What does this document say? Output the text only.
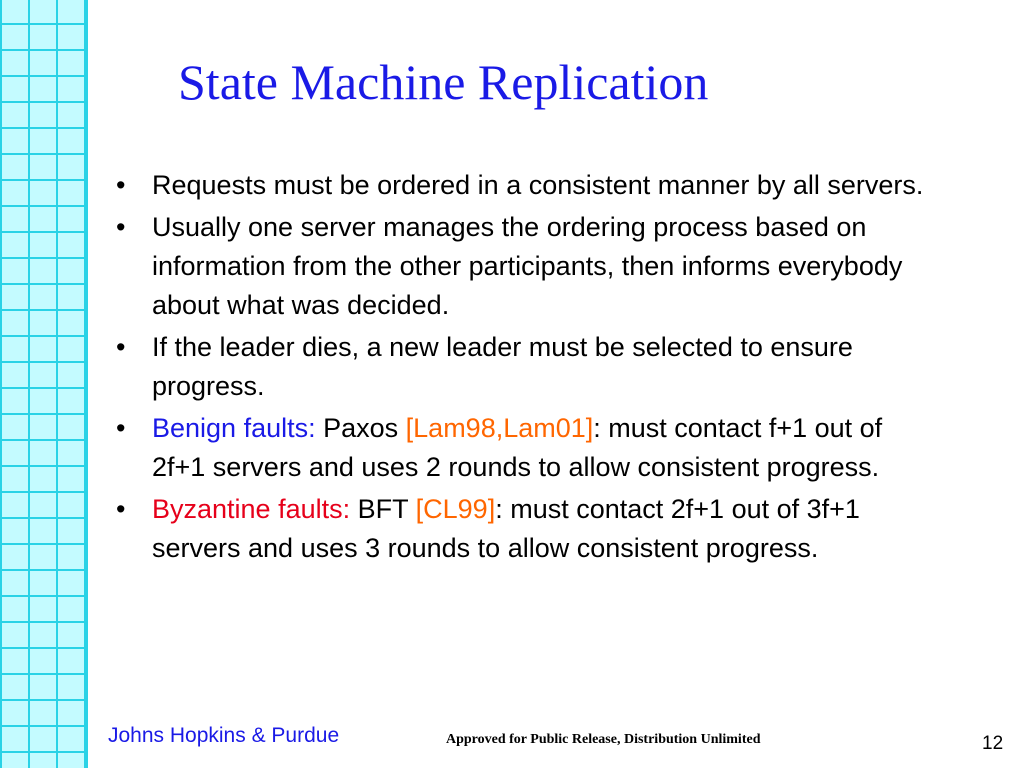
State Machine Replication
• Requests must be ordered in a consistent manner by all servers.
• Usually one server manages the ordering process based on information from the other participants, then informs everybody about what was decided.
• If the leader dies, a new leader must be selected to ensure progress.
• Benign faults: Paxos [Lam98,Lam01]: must contact f+1 out of 2f+1 servers and uses 2 rounds to allow consistent progress.
• Byzantine faults: BFT [CL99]: must contact 2f+1 out of 3f+1 servers and uses 3 rounds to allow consistent progress.
Johns Hopkins & Purdue	Approved for Public Release, Distribution Unlimited	12
